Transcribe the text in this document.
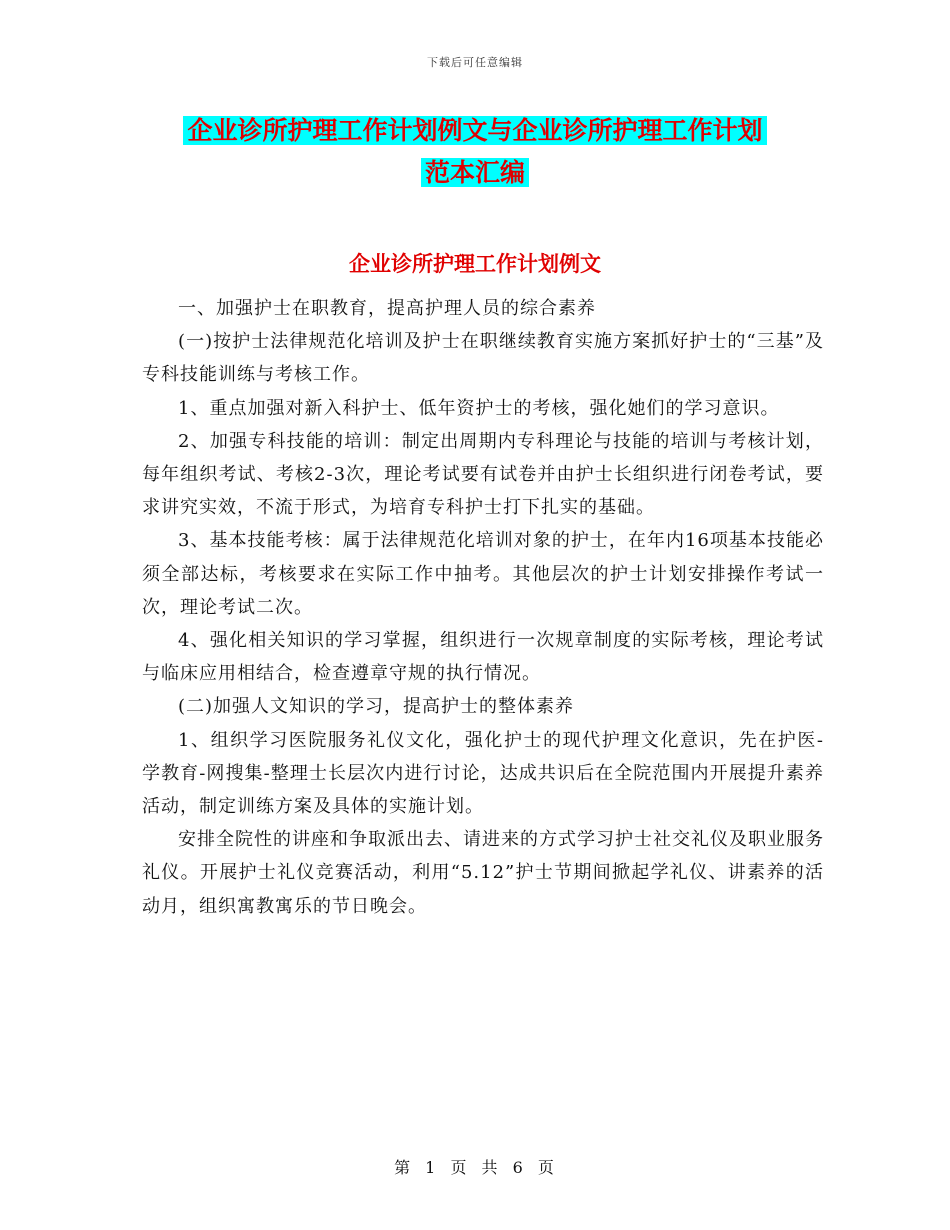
下载后可任意编辑
企业诊所护理工作计划例文与企业诊所护理工作计划
范本汇编
企业诊所护理工作计划例文

一、加强护士在职教育，提高护理人员的综合素养

(一)按护士法律规范化培训及护士在职继续教育实施方案抓好护士的“三基”及专科技能训练与考核工作。

1、重点加强对新入科护士、低年资护士的考核，强化她们的学习意识。

2、加强专科技能的培训：制定出周期内专科理论与技能的培训与考核计划，每年组织考试、考核2-3次，理论考试要有试卷并由护士长组织进行闭卷考试，要求讲究实效，不流于形式，为培育专科护士打下扎实的基础。

3、基本技能考核：属于法律规范化培训对象的护士，在年内16项基本技能必须全部达标，考核要求在实际工作中抽考。其他层次的护士计划安排操作考试一次，理论考试二次。

4、强化相关知识的学习掌握，组织进行一次规章制度的实际考核，理论考试与临床应用相结合，检查遵章守规的执行情况。

(二)加强人文知识的学习，提高护士的整体素养

1、组织学习医院服务礼仪文化，强化护士的现代护理文化意识，先在护医-学教育-网搜集-整理士长层次内进行讨论，达成共识后在全院范围内开展提升素养活动，制定训练方案及具体的实施计划。

安排全院性的讲座和争取派出去、请进来的方式学习护士社交礼仪及职业服务礼仪。开展护士礼仪竞赛活动，利用“5.12”护士节期间掀起学礼仪、讲素养的活动月，组织寓教寓乐的节日晚会。

第 1 页 共 6 页
